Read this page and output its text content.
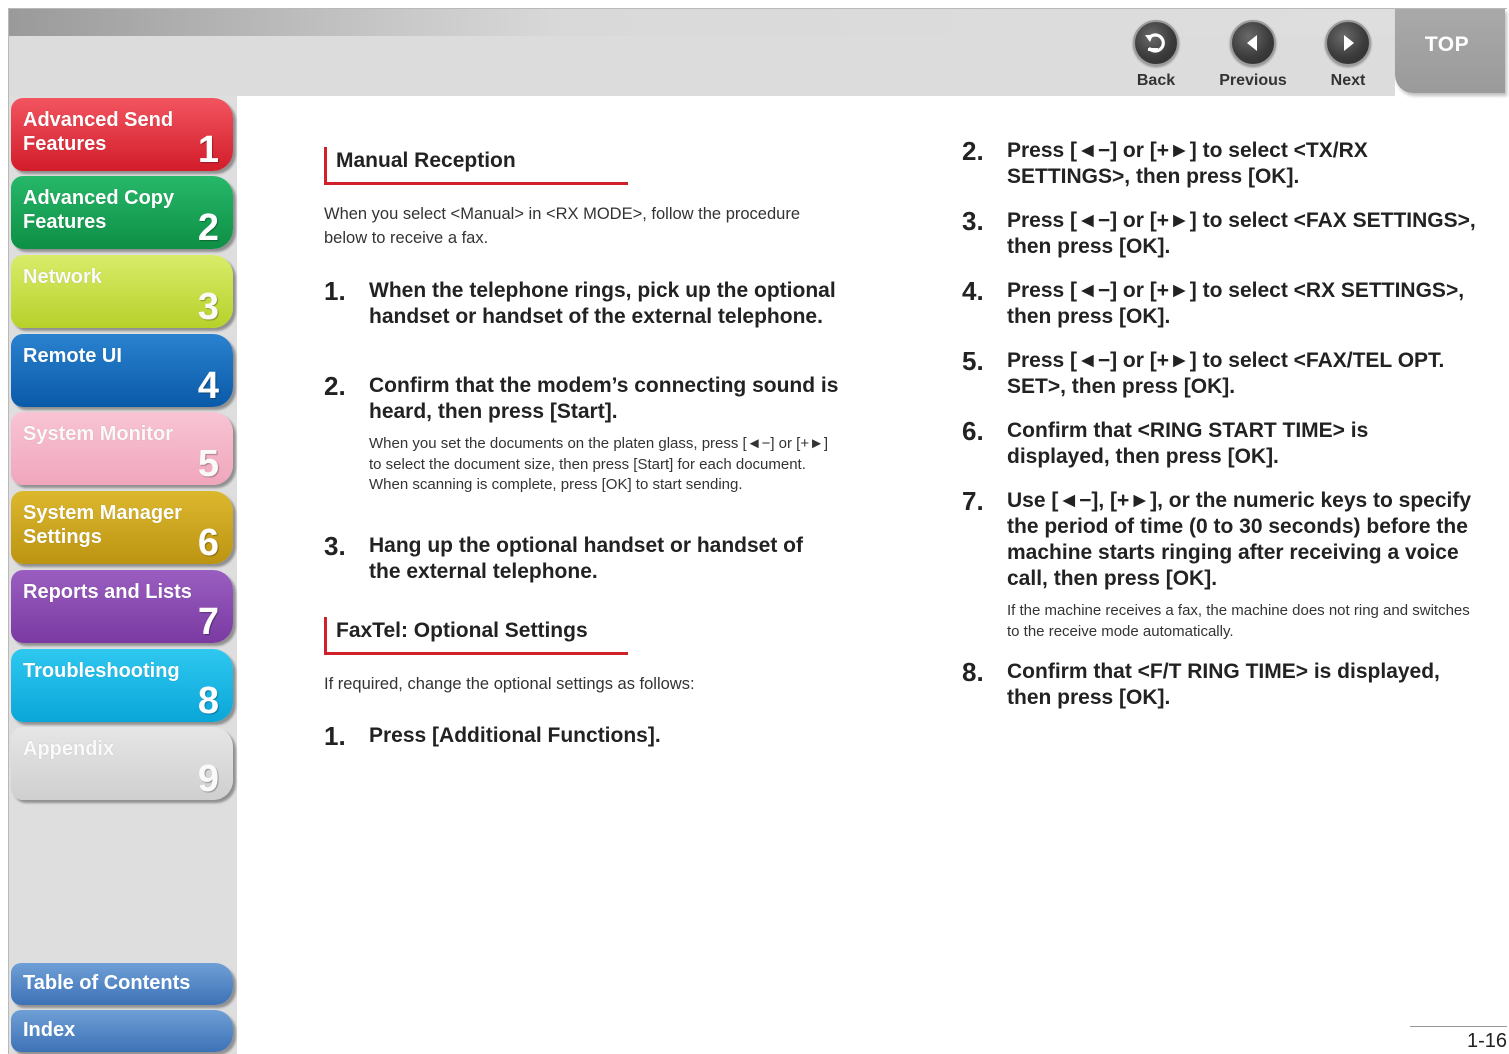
Back	Previous	Next
TOP
Advanced Send Features	1
Advanced Copy Features	2
Network
3
Remote UI
4
System Monitor
5
System Manager Settings	6
Reports and Lists
7
Troubleshooting
8
Appendix
9
Table of Contents
Index
Manual Reception
When you select <Manual> in <RX MODE>, follow the procedure below to receive a fax.
1. When the telephone rings, pick up the optional handset or handset of the external telephone.
2. Confirm that the modem’s connecting sound is heard, then press [Start].
When you set the documents on the platen glass, press [◄−] or [+►] to select the document size, then press [Start] for each document. When scanning is complete, press [OK] to start sending.
3. Hang up the optional handset or handset of the external telephone.
FaxTel: Optional Settings
If required, change the optional settings as follows:
1. Press [Additional Functions].
2. Press [◄−] or [+►] to select <TX/RX SETTINGS>, then press [OK].
3. Press [◄−] or [+►] to select <FAX SETTINGS>, then press [OK].
4. Press [◄−] or [+►] to select <RX SETTINGS>, then press [OK].
5. Press [◄−] or [+►] to select <FAX/TEL OPT. SET>, then press [OK].
6. Confirm that <RING START TIME> is displayed, then press [OK].
7. Use [◄−], [+►], or the numeric keys to specify the period of time (0 to 30 seconds) before the machine starts ringing after receiving a voice call, then press [OK].
If the machine receives a fax, the machine does not ring and switches to the receive mode automatically.
8. Confirm that <F/T RING TIME> is displayed, then press [OK].
1-16
